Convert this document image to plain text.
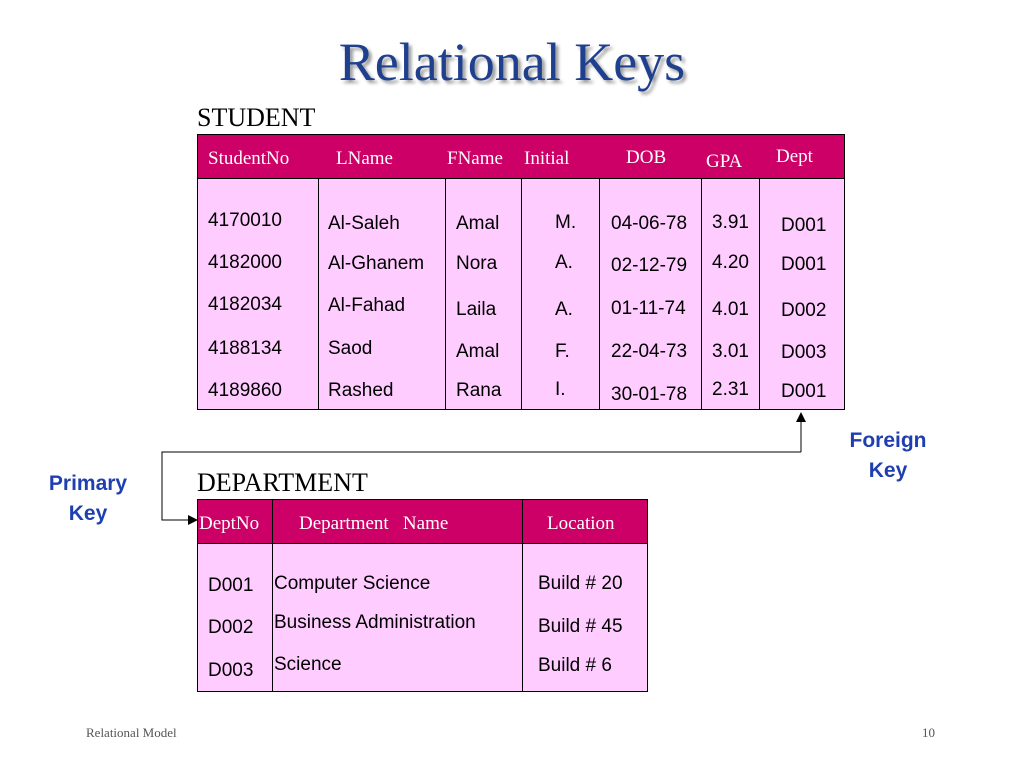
Relational Keys
STUDENT
StudentNo LName	FName Initial	DOB GPA Dept
4170010 Al-Saleh	Amal	M. 04-06-78 3.91 D001
4182000 Al-Ghanem Nora	A. 02-12-79 4.20 D001
4182034 Al-Fahad	Laila	A. 01-11-74 4.01 D002
4188134 Saod	Amal	F. 22-04-73 3.01 D003
4189860 Rashed	Rana	I. 30-01-78 2.31 D001
Primary
Key
Foreign
Key
DEPARTMENT
DeptNo Department   Name	Location
D001 Computer Science	Build # 20
D002 Business Administration	Build # 45
D003 Science	Build # 6
Relational Model	10
